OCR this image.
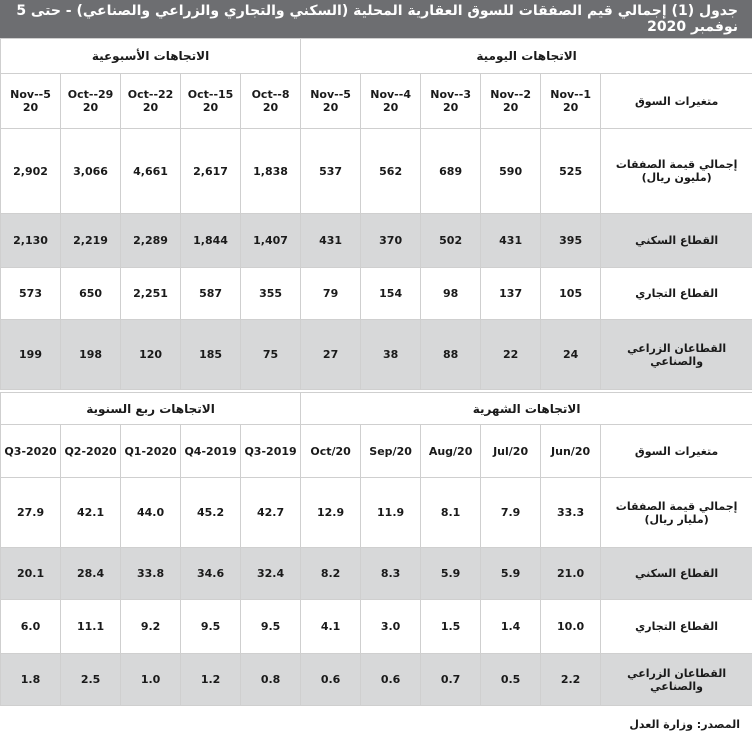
جدول (1) إجمالي قيم الصفقات للسوق العقارية المحلية (السكني والتجاري والزراعي والصناعي) - حتى 5 نوفمبر 2020
الاتجاهات اليومية						الاتجاهات الأسبوعية				
متغيرات السوق	1-Nov-20	2-Nov-20	3-Nov-20	4-Nov-20	5-Nov-20	8-Oct-20	15-Oct-20	22-Oct-20	29-Oct-20	5-Nov-20
إجمالي قيمة الصفقات (مليون ريال)	525	590	689	562	537	1,838	2,617	4,661	3,066	2,902
القطاع السكني	395	431	502	370	431	1,407	1,844	2,289	2,219	2,130
القطاع التجاري	105	137	98	154	79	355	587	2,251	650	573
القطاعان الزراعي والصناعي	24	22	88	38	27	75	185	120	198	199
الاتجاهات الشهرية						الاتجاهات ربع السنوية				
متغيرات السوق	Jun/20	Jul/20	Aug/20	Sep/20	Oct/20	2019-Q3	2019-Q4	2020-Q1	2020-Q2	2020-Q3
إجمالي قيمة الصفقات (مليار ريال)	33.3	7.9	8.1	11.9	12.9	42.7	45.2	44.0	42.1	27.9
القطاع السكني	21.0	5.9	5.9	8.3	8.2	32.4	34.6	33.8	28.4	20.1
القطاع التجاري	10.0	1.4	1.5	3.0	4.1	9.5	9.5	9.2	11.1	6.0
القطاعان الزراعي والصناعي	2.2	0.5	0.7	0.6	0.6	0.8	1.2	1.0	2.5	1.8
المصدر: وزارة العدل
